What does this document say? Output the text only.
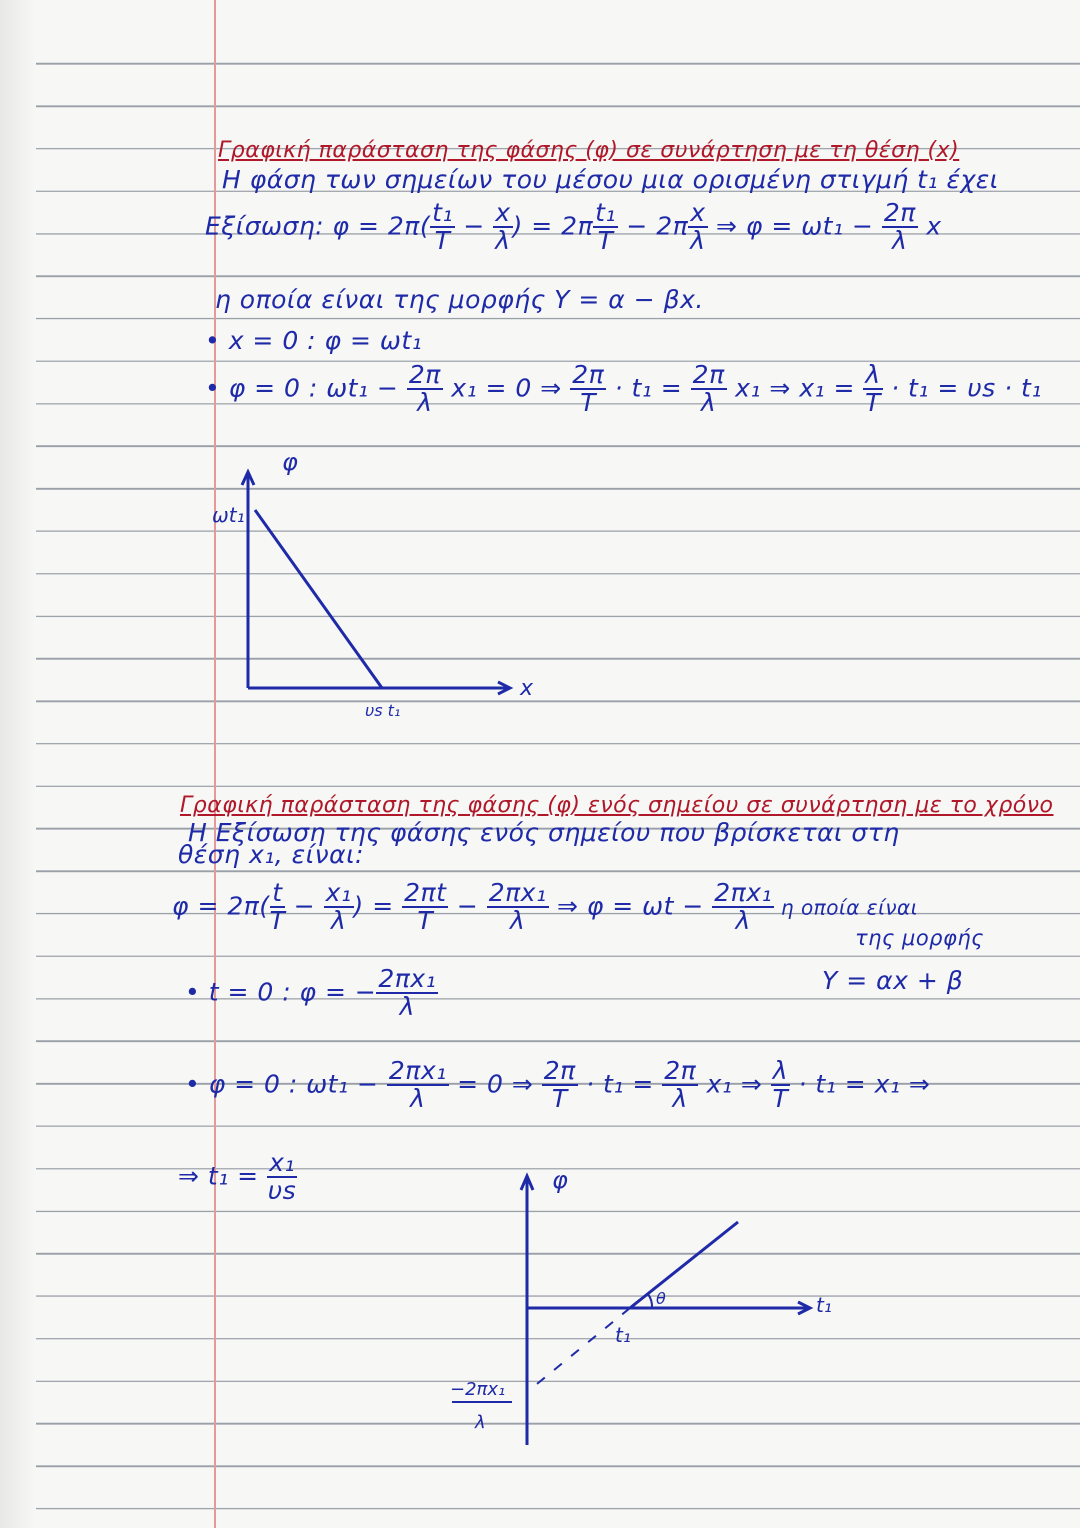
Γραφική παράσταση της φάσης (φ) σε συνάρτηση με τη θέση (x)
Η φάση των σημείων του μέσου μια ορισμένη στιγμή t₁ έχει
Εξίσωση: $\varphi = 2\pi( \frac{\text{t₁}}{T} - \frac{x}{\lambda}$ ) = $2\pi \frac{\text{t₁}}{T} - 2\pi \frac{x}{\lambda}$ ⇒ $\varphi = \omega t_1 - \frac{2\pi}{\lambda}$ x
η οποία είναι της μορφής Y = α − βx.
• x = 0 : φ = ωt₁
• φ = 0 : $\omega t_1 - \frac{2\pi}{\lambda} x_1 = 0$ ⇒ $\frac{2\pi}{T} \cdot t_1 = \frac{2\pi}{\lambda} x_1$ ⇒ $x_1 = \frac{\lambda}{T} \cdot t_1 = \upsilon s \cdot t_1$
φ
x
ωt₁
υs t₁
φ
t₁
θ
t₁
−2πx₁
λ
Γραφική παράσταση της φάσης (φ) ενός σημείου σε συνάρτηση με το χρόνο
Η Εξίσωση της φάσης ενός σημείου που βρίσκεται στη
θέση x₁, είναι:
$\varphi = 2\pi( \frac{t}{T} - \frac{\text{x₁}}{\lambda}$ ) = $\frac{2\pi t}{T} - \frac{\text{2πx₁}}{\lambda}$ ⇒ $\varphi = \omega t - \frac{\text{2πx₁}}{\lambda}$ η οποία είναι
της μορφής
Y = αx + β
• t = 0 : φ = − $\frac{\text{2πx₁}}{\lambda}$
• φ = 0 : $\omega t_1 - \frac{\text{2πx₁}}{\lambda} = 0$ ⇒ $\frac{2\pi}{T} \cdot t_1 = \frac{2\pi}{\lambda} x_1$ ⇒ $\frac{\lambda}{T} \cdot t_1 = x_1$ ⇒
⇒ $t_1 = \frac{\text{x₁}}{\upsilon s}$
